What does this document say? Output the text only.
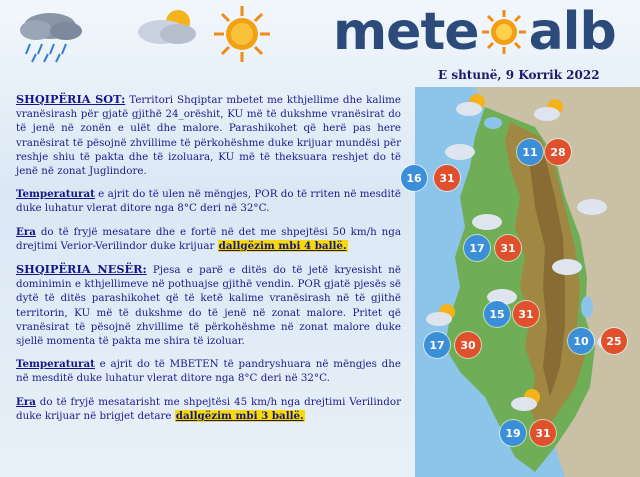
mete alb
E shtunë, 9 Korrik 2022

SHQIPËRIA SOT: Territori Shqiptar mbetet me kthjellime dhe kalime vranësirash për gjatë gjithë 24_orëshit, KU më të dukshme vranësirat do të jenë në zonën e ulët dhe malore. Parashikohet që herë pas here vranësirat të pësojnë zhvillime të përkohëshme duke krijuar mundësi për reshje shiu të pakta dhe të izoluara, KU më të theksuara reshjet do të jenë në zonat Juglindore.

Temperaturat e ajrit do të ulen në mëngjes, POR do të rriten në mesditë duke luhatur vlerat ditore nga 8°C deri në 32°C.

Era do të fryjë mesatare dhe e fortë në det me shpejtësi 50 km/h nga drejtimi Verior-Verilindor duke krijuar dallgëzim mbi 4 ballë.

SHQIPËRIA NESËR: Pjesa e parë e ditës do të jetë kryesisht në dominimin e kthjellimeve në pothuajse gjithë vendin. POR gjatë pjesës së dytë të ditës parashikohet që të ketë kalime vranësirash në të gjithë territorin, KU më të dukshme do të jenë në zonat malore. Pritet që vranësirat të pësojnë zhvillime të përkohëshme në zonat malore duke sjellë momenta të pakta me shira të izoluar.

Temperaturat e ajrit do të MBETEN të pandryshuara në mëngjes dhe në mesditë duke luhatur vlerat ditore nga 8°C deri në 32°C.

Era do të fryjë mesatarisht me shpejtësi 45 km/h nga drejtimi Verilindor duke krijuar në brigjet detare dallgëzim mbi 3 ballë.

11	28
16	31
17	31
15	31
17	30	10	25
19	31
